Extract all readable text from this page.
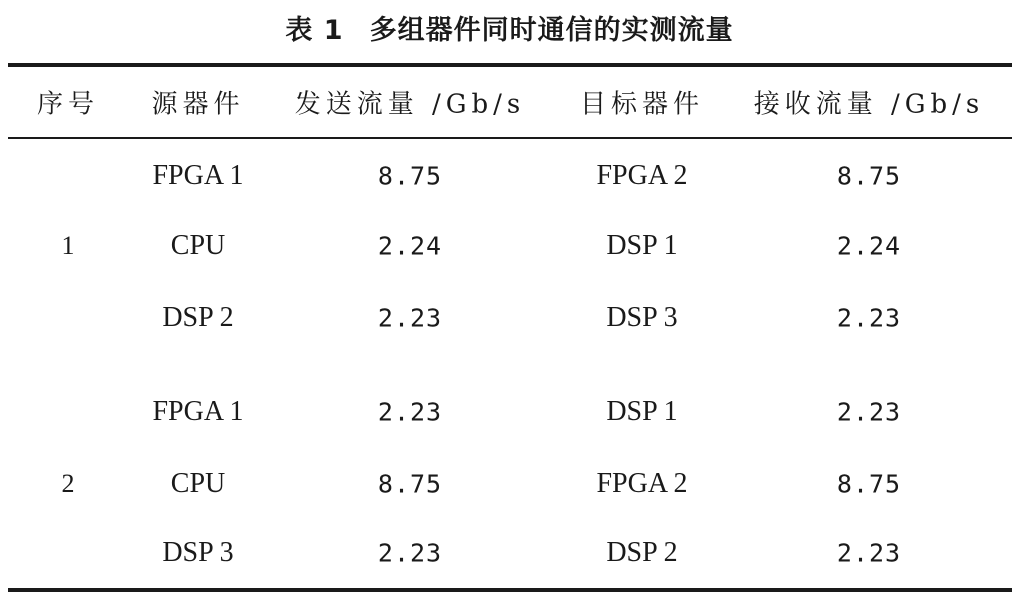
表 1 多组器件同时通信的实测流量
序号 源器件 发送流量 /Gb/s 目标器件 接收流量 /Gb/s
1
FPGA 1	8.75	FPGA 2	8.75
CPU	2.24	DSP 1	2.24
DSP 2	2.23	DSP 3	2.23
2
FPGA 1	2.23	DSP 1	2.23
CPU	8.75	FPGA 2	8.75
DSP 3	2.23	DSP 2	2.23
